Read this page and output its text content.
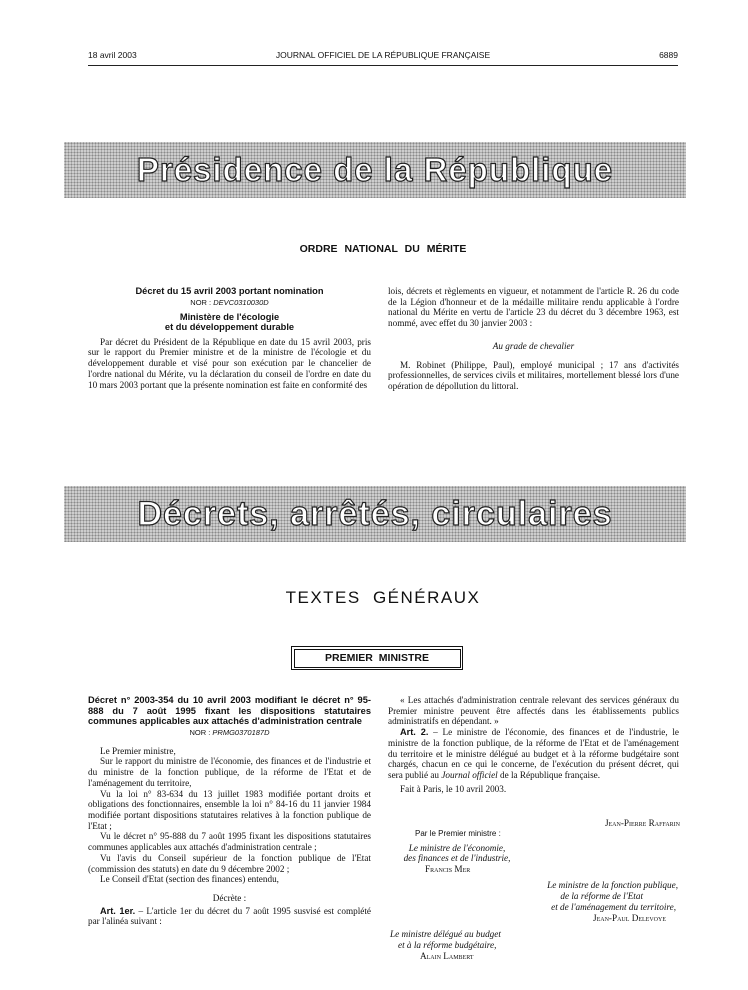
18 avril 2003	JOURNAL OFFICIEL DE LA RÉPUBLIQUE FRANÇAISE	6889
Présidence de la République
ORDRE NATIONAL DU MÉRITE
Décret du 15 avril 2003 portant nomination
NOR : DEVC0310030D
Ministère de l'écologie
et du développement durable

Par décret du Président de la République en date du 15 avril 2003, pris sur le rapport du Premier ministre et de la ministre de l'écologie et du développement durable et visé pour son exécution par le chancelier de l'ordre national du Mérite, vu la déclaration du conseil de l'ordre en date du 10 mars 2003 portant que la présente nomination est faite en conformité des

lois, décrets et règlements en vigueur, et notamment de l'article R. 26 du code de la Légion d'honneur et de la médaille militaire rendu applicable à l'ordre national du Mérite en vertu de l'article 23 du décret du 3 décembre 1963, est nommé, avec effet du 30 janvier 2003 :

Au grade de chevalier

M. Robinet (Philippe, Paul), employé municipal ; 17 ans d'activités professionnelles, de services civils et militaires, mortellement blessé lors d'une opération de dépollution du littoral.

Décrets, arrêtés, circulaires
TEXTES GÉNÉRAUX
PREMIER MINISTRE
Décret n° 2003-354 du 10 avril 2003 modifiant le décret n° 95-888 du 7 août 1995 fixant les dispositions statutaires communes applicables aux attachés d'administration centrale
NOR : PRMG0370187D

Le Premier ministre,

Sur le rapport du ministre de l'économie, des finances et de l'industrie et du ministre de la fonction publique, de la réforme de l'Etat et de l'aménagement du territoire,

Vu la loi n° 83-634 du 13 juillet 1983 modifiée portant droits et obligations des fonctionnaires, ensemble la loi n° 84-16 du 11 janvier 1984 modifiée portant dispositions statutaires relatives à la fonction publique de l'Etat ;

Vu le décret n° 95-888 du 7 août 1995 fixant les dispositions statutaires communes applicables aux attachés d'administration centrale ;

Vu l'avis du Conseil supérieur de la fonction publique de l'Etat (commission des statuts) en date du 9 décembre 2002 ;

Le Conseil d'Etat (section des finances) entendu,

Décrète :

Art. 1er. – L'article 1er du décret du 7 août 1995 susvisé est complété par l'alinéa suivant :

« Les attachés d'administration centrale relevant des services généraux du Premier ministre peuvent être affectés dans les établissements publics administratifs en dépendant. »

Art. 2. – Le ministre de l'économie, des finances et de l'industrie, le ministre de la fonction publique, de la réforme de l'Etat et de l'aménagement du territoire et le ministre délégué au budget et à la réforme budgétaire sont chargés, chacun en ce qui le concerne, de l'exécution du présent décret, qui sera publié au Journal officiel de la République française.

Fait à Paris, le 10 avril 2003.

Jean-Pierre Raffarin
Par le Premier ministre :
Le ministre de l'économie,
des finances et de l'industrie,
Francis Mer
Le ministre de la fonction publique,
de la réforme de l'Etat
et de l'aménagement du territoire,
Jean-Paul Delevoye
Le ministre délégué au budget
et à la réforme budgétaire,
Alain Lambert
